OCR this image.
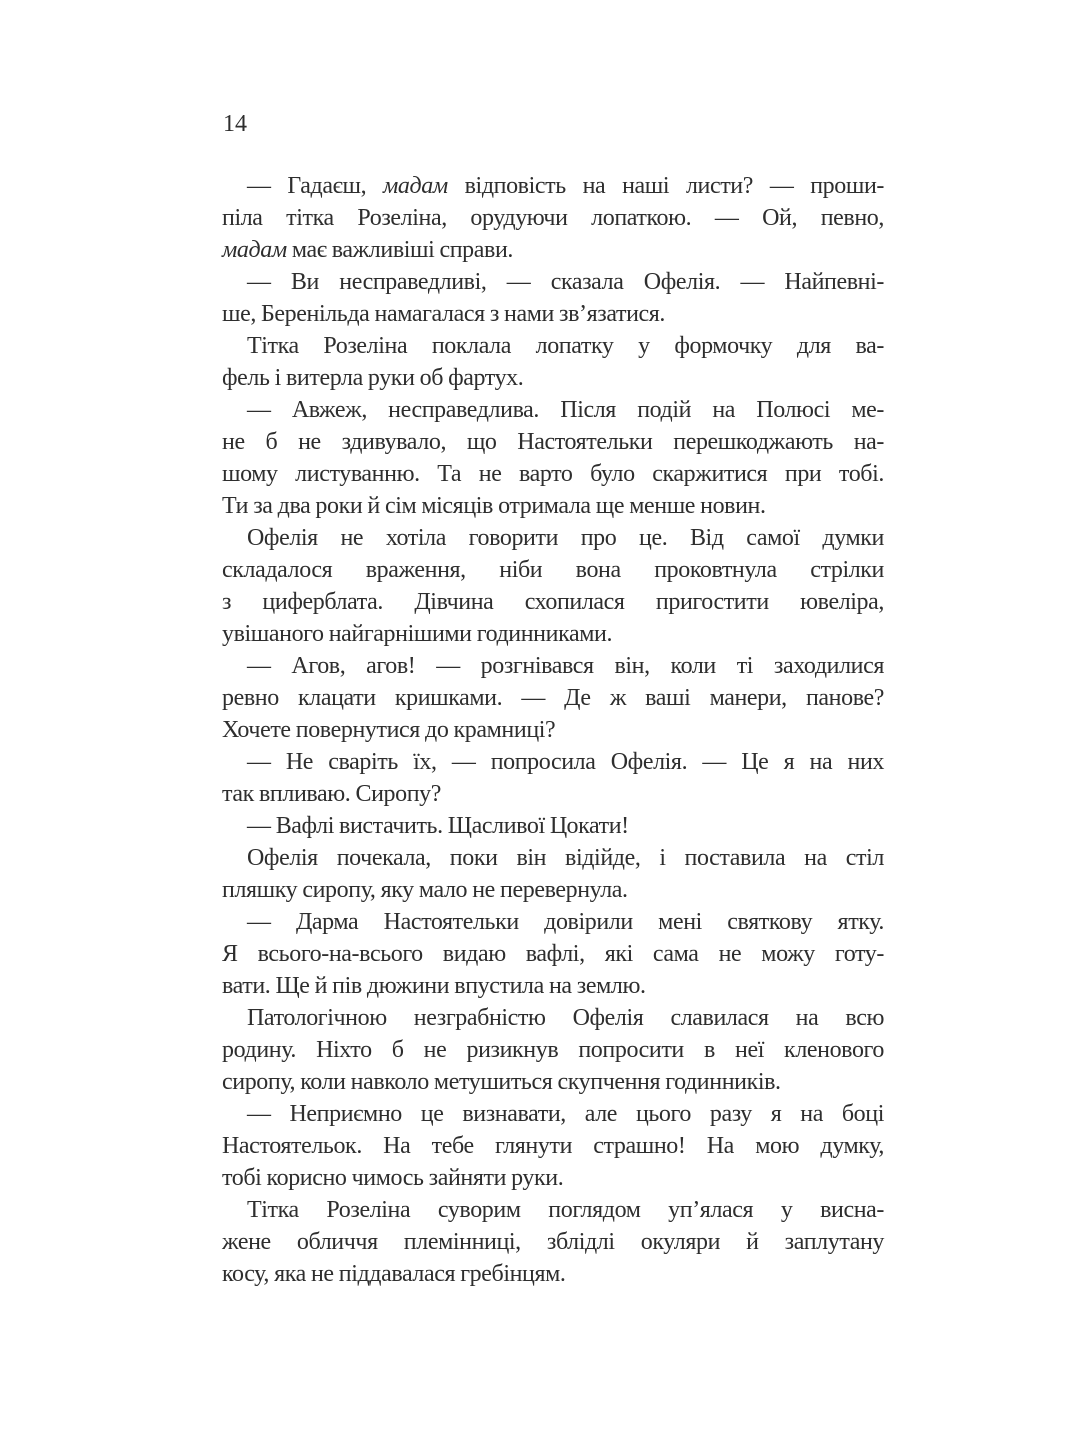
14
— Гадаєш, мадам відповість на наші листи? — проши-
піла тітка Розеліна, орудуючи лопаткою. — Ой, певно,
мадам має важливіші справи.
— Ви несправедливі, — сказала Офелія. — Найпевні-
ше, Беренільда намагалася з нами зв’язатися.
Тітка Розеліна поклала лопатку у формочку для ва-
фель і витерла руки об фартух.
— Авжеж, несправедлива. Після подій на Полюсі ме-
не б не здивувало, що Настоятельки перешкоджають на-
шому листуванню. Та не варто було скаржитися при тобі.
Ти за два роки й сім місяців отримала ще менше новин.
Офелія не хотіла говорити про це. Від самої думки
складалося враження, ніби вона проковтнула стрілки
з циферблата. Дівчина схопилася пригостити ювеліра,
увішаного найгарнішими годинниками.
— Агов, агов! — розгнівався він, коли ті заходилися
ревно клацати кришками. — Де ж ваші манери, панове?
Хочете повернутися до крамниці?
— Не сваріть їх, — попросила Офелія. — Це я на них
так впливаю. Сиропу?
— Вафлі вистачить. Щасливої Цокати!
Офелія почекала, поки він відійде, і поставила на стіл
пляшку сиропу, яку мало не перевернула.
— Дарма Настоятельки довірили мені святкову ятку.
Я всього-на-всього видаю вафлі, які сама не можу готу-
вати. Ще й пів дюжини впустила на землю.
Патологічною незграбністю Офелія славилася на всю
родину. Ніхто б не ризикнув попросити в неї кленового
сиропу, коли навколо метушиться скупчення годинників.
— Неприємно це визнавати, але цього разу я на боці
Настоятельок. На тебе глянути страшно! На мою думку,
тобі корисно чимось зайняти руки.
Тітка Розеліна суворим поглядом уп’ялася у висна-
жене обличчя племінниці, зблідлі окуляри й заплутану
косу, яка не піддавалася гребінцям.
